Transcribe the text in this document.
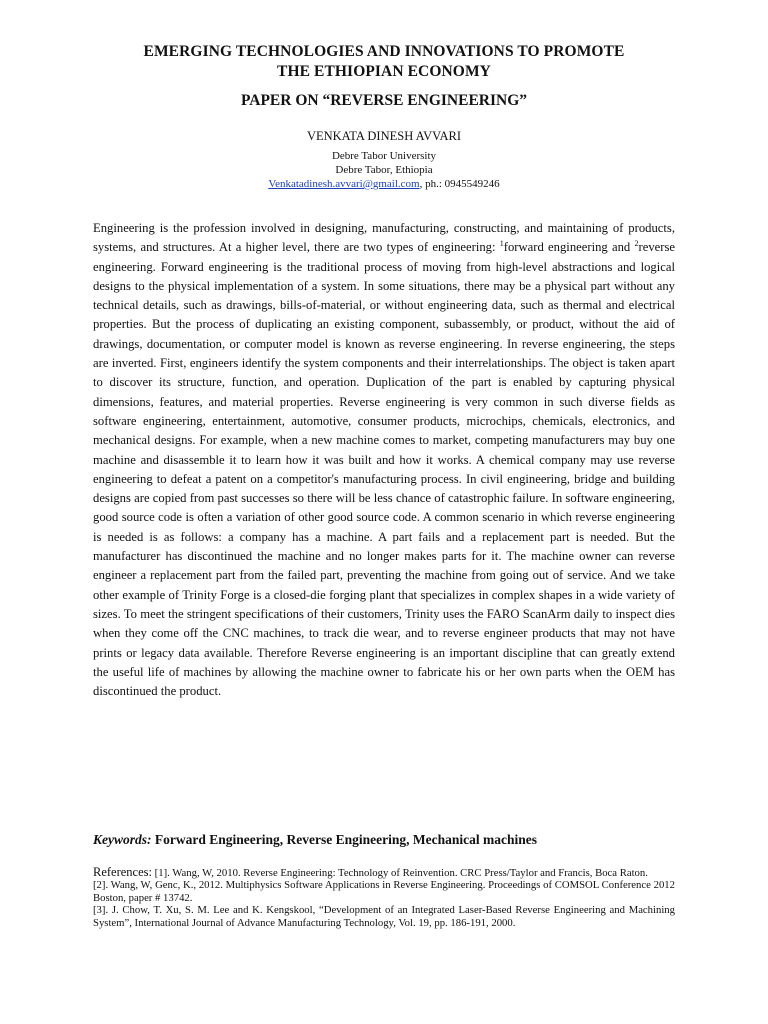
EMERGING TECHNOLOGIES AND INNOVATIONS TO PROMOTE
THE ETHIOPIAN ECONOMY
PAPER ON “REVERSE ENGINEERING”
VENKATA DINESH AVVARI
Debre Tabor University
Debre Tabor, Ethiopia
Venkatadinesh.avvari@gmail.com, ph.: 0945549246

Engineering is the profession involved in designing, manufacturing, constructing, and maintaining of products, systems, and structures. At a higher level, there are two types of engineering: $^1$forward engineering and $^2$reverse engineering. Forward engineering is the traditional process of moving from high-level abstractions and logical designs to the physical implementation of a system. In some situations, there may be a physical part without any technical details, such as drawings, bills-of-material, or without engineering data, such as thermal and electrical properties. But the process of duplicating an existing component, subassembly, or product, without the aid of drawings, documentation, or computer model is known as reverse engineering. In reverse engineering, the steps are inverted. First, engineers identify the system components and their interrelationships. The object is taken apart to discover its structure, function, and operation. Duplication of the part is enabled by capturing physical dimensions, features, and material properties. Reverse engineering is very common in such diverse fields as software engineering, entertainment, automotive, consumer products, microchips, chemicals, electronics, and mechanical designs. For example, when a new machine comes to market, competing manufacturers may buy one machine and disassemble it to learn how it was built and how it works. A chemical company may use reverse engineering to defeat a patent on a competitor's manufacturing process. In civil engineering, bridge and building designs are copied from past successes so there will be less chance of catastrophic failure. In software engineering, good source code is often a variation of other good source code. A common scenario in which reverse engineering is needed is as follows: a company has a machine. A part fails and a replacement part is needed. But the manufacturer has discontinued the machine and no longer makes parts for it. The machine owner can reverse engineer a replacement part from the failed part, preventing the machine from going out of service. And we take other example of Trinity Forge is a closed-die forging plant that specializes in complex shapes in a wide variety of sizes. To meet the stringent specifications of their customers, Trinity uses the FARO ScanArm daily to inspect dies when they come off the CNC machines, to track die wear, and to reverse engineer products that may not have prints or legacy data available. Therefore Reverse engineering is an important discipline that can greatly extend the useful life of machines by allowing the machine owner to fabricate his or her own parts when the OEM has discontinued the product.

Keywords: Forward Engineering, Reverse Engineering, Mechanical machines

References: [1]. Wang, W, 2010. Reverse Engineering: Technology of Reinvention. CRC Press/Taylor and Francis, Boca Raton.

[2]. Wang, W, Genc, K., 2012. Multiphysics Software Applications in Reverse Engineering. Proceedings of COMSOL Conference 2012 Boston, paper # 13742.

[3]. J. Chow, T. Xu, S. M. Lee and K. Kengskool, “Development of an Integrated Laser-Based Reverse Engineering and Machining System”, International Journal of Advance Manufacturing Technology, Vol. 19, pp. 186-191, 2000.
